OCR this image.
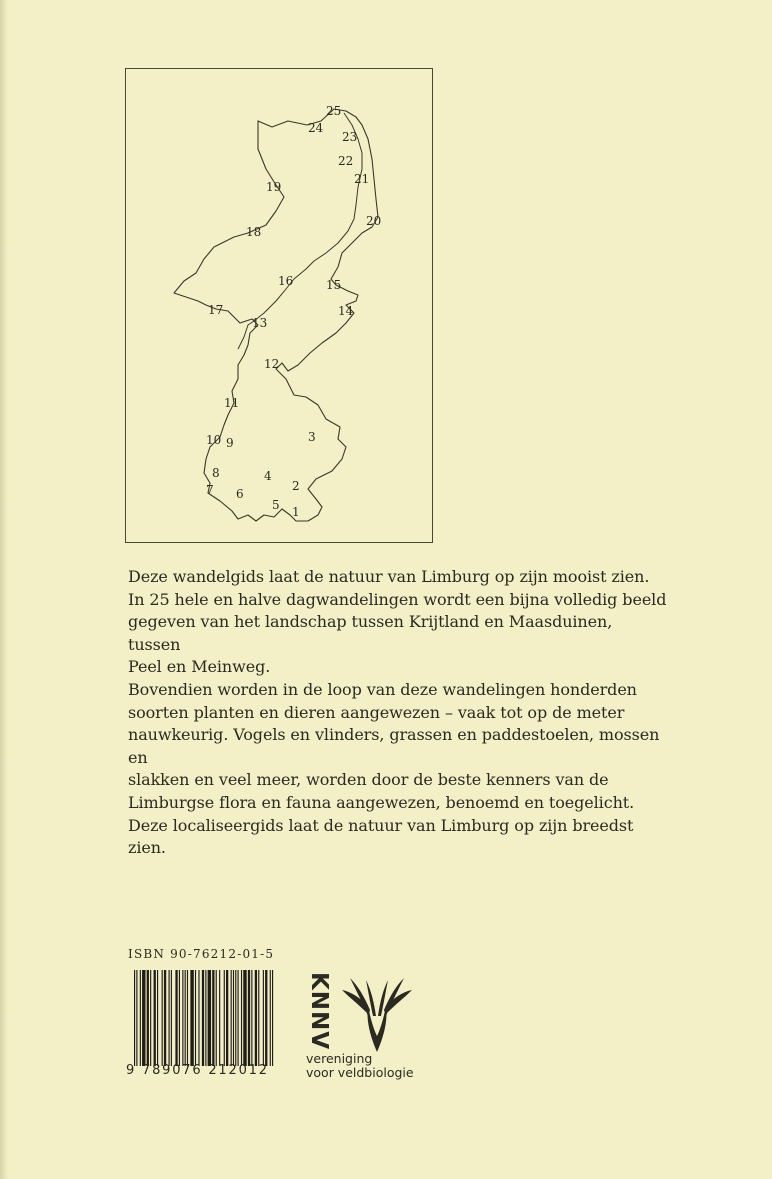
25
24
23
22
21
20
19
18
16	15
14
17
13
12
11
10 9	3
8	4
2
7 6
5 1

Deze wandelgids laat de natuur van Limburg op zijn mooist zien.

In 25 hele en halve dagwandelingen wordt een bijna volledig beeld

gegeven van het landschap tussen Krijtland en Maasduinen, tussen

Peel en Meinweg.

Bovendien worden in de loop van deze wandelingen honderden

soorten planten en dieren aangewezen – vaak tot op de meter

nauwkeurig. Vogels en vlinders, grassen en paddestoelen, mossen en

slakken en veel meer, worden door de beste kenners van de

Limburgse flora en fauna aangewezen, benoemd en toegelicht.

Deze localiseergids laat de natuur van Limburg op zijn breedst zien.

ISBN 90-76212-01-5
9 789076 212012
KNNV
vereniging
voor veldbiologie
